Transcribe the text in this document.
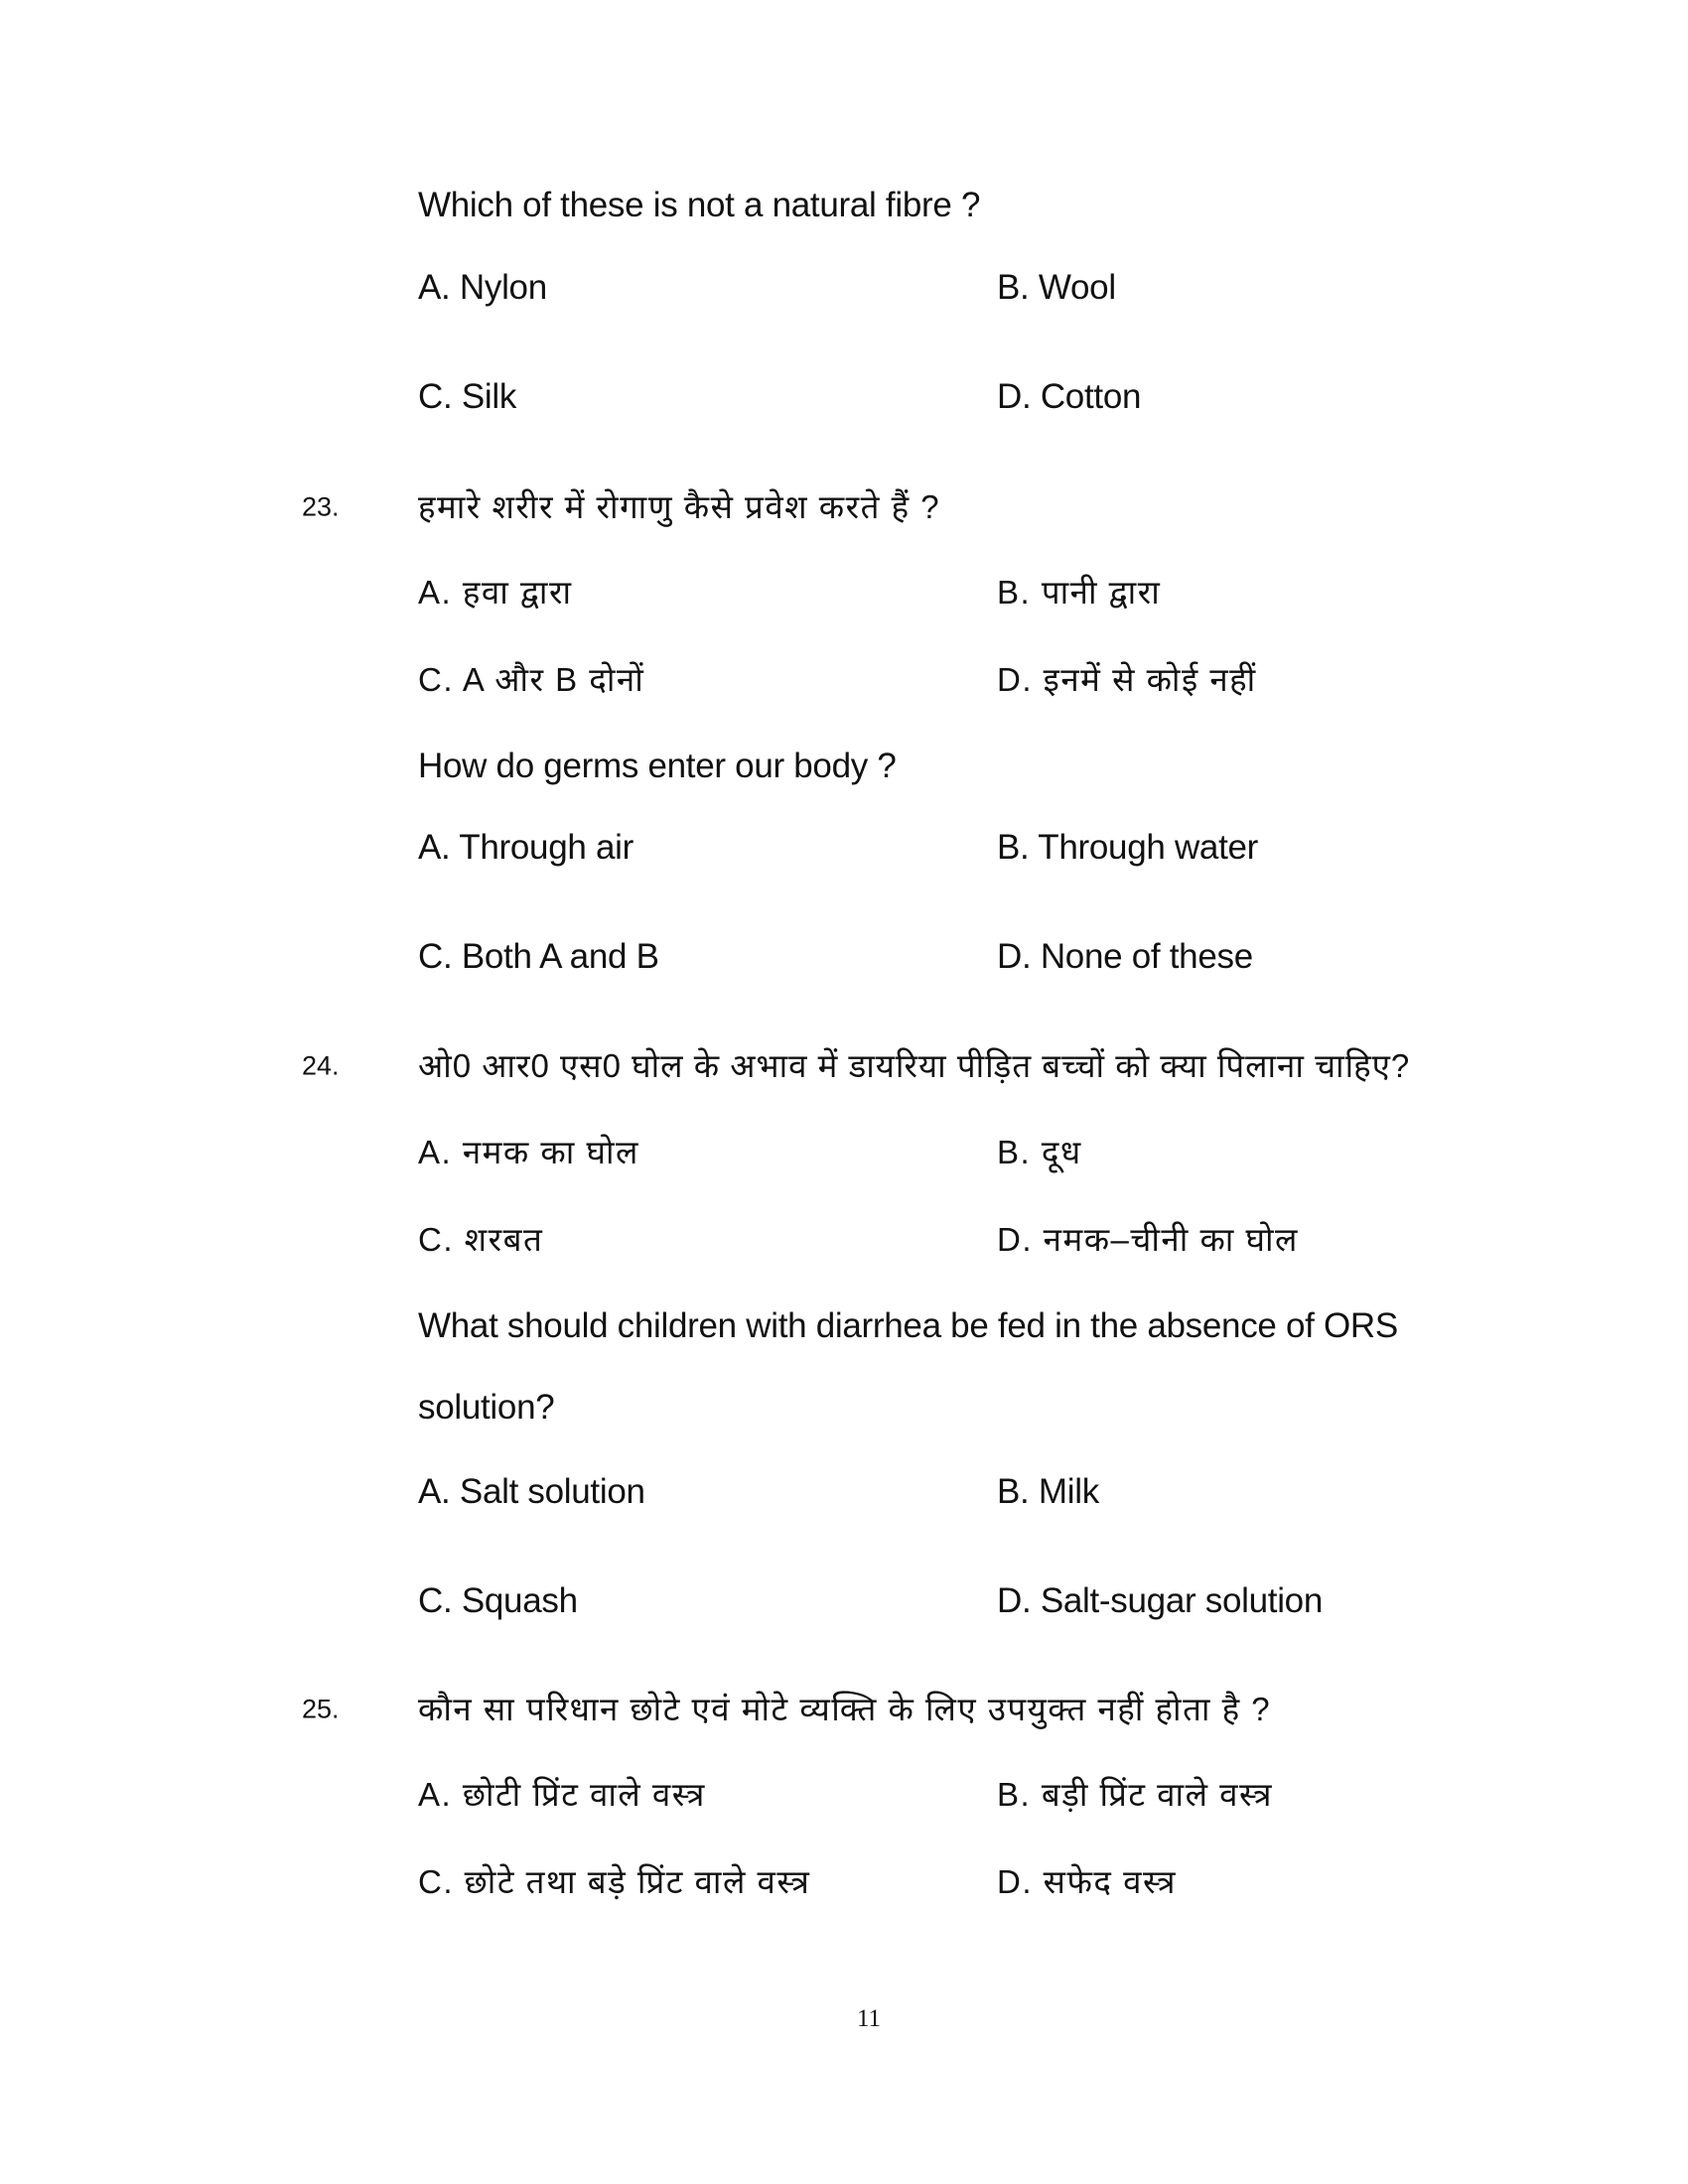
Which of these is not a natural fibre ?
A. Nylon	B. Wool
C. Silk	D. Cotton
23. हमारे शरीर में रोगाणु कैसे प्रवेश करते हैं ?
A. हवा द्वारा	B. पानी द्वारा
C. A और B दोनों	D. इनमें से कोई नहीं
How do germs enter our body ?
A. Through air	B. Through water
C. Both A and B	D. None of these
24. ओ0 आर0 एस0 घोल के अभाव में डायरिया पीड़ित बच्चों को क्या पिलाना चाहिए?
A. नमक का घोल	B. दूध
C. शरबत	D. नमक–चीनी का घोल
What should children with diarrhea be fed in the absence of ORS
solution?
A. Salt solution	B. Milk
C. Squash	D. Salt-sugar solution
25. कौन सा परिधान छोटे एवं मोटे व्यक्ति के लिए उपयुक्त नहीं होता है ?
A. छोटी प्रिंट वाले वस्त्र	B. बड़ी प्रिंट वाले वस्त्र
C. छोटे तथा बड़े प्रिंट वाले वस्त्र	D. सफेद वस्त्र
11
